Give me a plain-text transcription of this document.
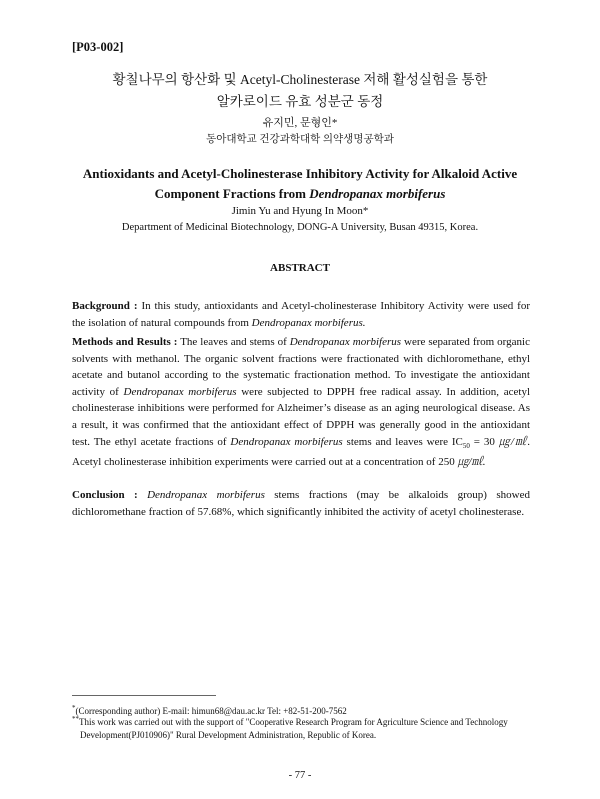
[P03-002]
황칠나무의 항산화 및 Acetyl-Cholinesterase 저해 활성실험을 통한
알카로이드 유효 성분군 동정
유지민, 문형인*
동아대학교 건강과학대학 의약생명공학과
Antioxidants and Acetyl-Cholinesterase Inhibitory Activity for Alkaloid Active
Component Fractions from Dendropanax morbiferus
Jimin Yu and Hyung In Moon*
Department of Medicinal Biotechnology, DONG-A University, Busan 49315, Korea.
ABSTRACT
Background : In this study, antioxidants and Acetyl-cholinesterase Inhibitory Activity were used for the isolation of natural compounds from Dendropanax morbiferus.
Methods and Results : The leaves and stems of Dendropanax morbiferus were separated from organic solvents with methanol. The organic solvent fractions were fractionated with dichloromethane, ethyl acetate and butanol according to the systematic fractionation method. To investigate the antioxidant activity of Dendropanax morbiferus were subjected to DPPH free radical assay. In addition, acetyl cholinesterase inhibitions were performed for Alzheimer’s disease as an aging neurological disease. As a result, it was confirmed that the antioxidant effect of DPPH was generally good in the antioxidant test. The ethyl acetate fractions of Dendropanax morbiferus stems and leaves were $IC_{50} = 30$ ㎍/㎖. Acetyl cholinesterase inhibition experiments were carried out at a concentration of 250 ㎍/㎖.
Conclusion : Dendropanax morbiferus stems fractions (may be alkaloids group) showed dichloromethane fraction of 57.68%, which significantly inhibited the activity of acetyl cholinesterase.
*(Corresponding author) E-mail: himun68@dau.ac.kr Tel: +82-51-200-7562
**This work was carried out with the support of "Cooperative Research Program for Agriculture Science and Technology Development(PJ010906)" Rural Development Administration, Republic of Korea.
- 77 -
